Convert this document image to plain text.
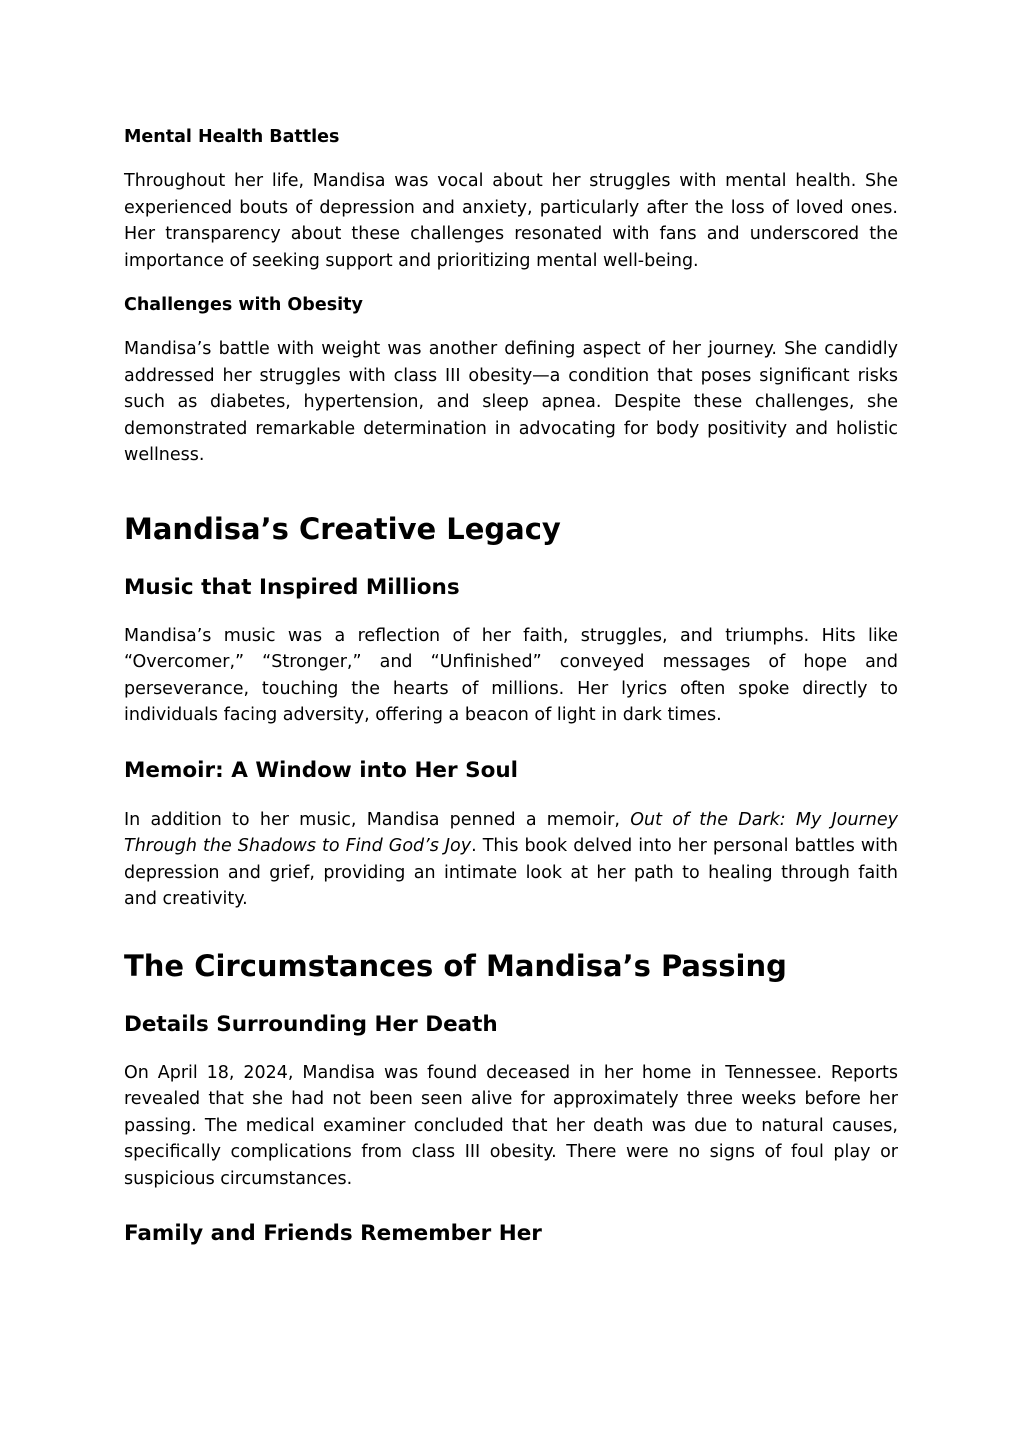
Mental Health Battles

Throughout her life, Mandisa was vocal about her struggles with mental health. She experienced bouts of depression and anxiety, particularly after the loss of loved ones. Her transparency about these challenges resonated with fans and underscored the importance of seeking support and prioritizing mental well-being.

Challenges with Obesity

Mandisa’s battle with weight was another defining aspect of her journey. She candidly addressed her struggles with class III obesity—a condition that poses significant risks such as diabetes, hypertension, and sleep apnea. Despite these challenges, she demonstrated remarkable determination in advocating for body positivity and holistic wellness.

Mandisa’s Creative Legacy
Music that Inspired Millions

Mandisa’s music was a reflection of her faith, struggles, and triumphs. Hits like “Overcomer,” “Stronger,” and “Unfinished” conveyed messages of hope and perseverance, touching the hearts of millions. Her lyrics often spoke directly to individuals facing adversity, offering a beacon of light in dark times.

Memoir: A Window into Her Soul

In addition to her music, Mandisa penned a memoir, Out of the Dark: My Journey Through the Shadows to Find God’s Joy. This book delved into her personal battles with depression and grief, providing an intimate look at her path to healing through faith and creativity.

The Circumstances of Mandisa’s Passing
Details Surrounding Her Death

On April 18, 2024, Mandisa was found deceased in her home in Tennessee. Reports revealed that she had not been seen alive for approximately three weeks before her passing. The medical examiner concluded that her death was due to natural causes, specifically complications from class III obesity. There were no signs of foul play or suspicious circumstances.

Family and Friends Remember Her
